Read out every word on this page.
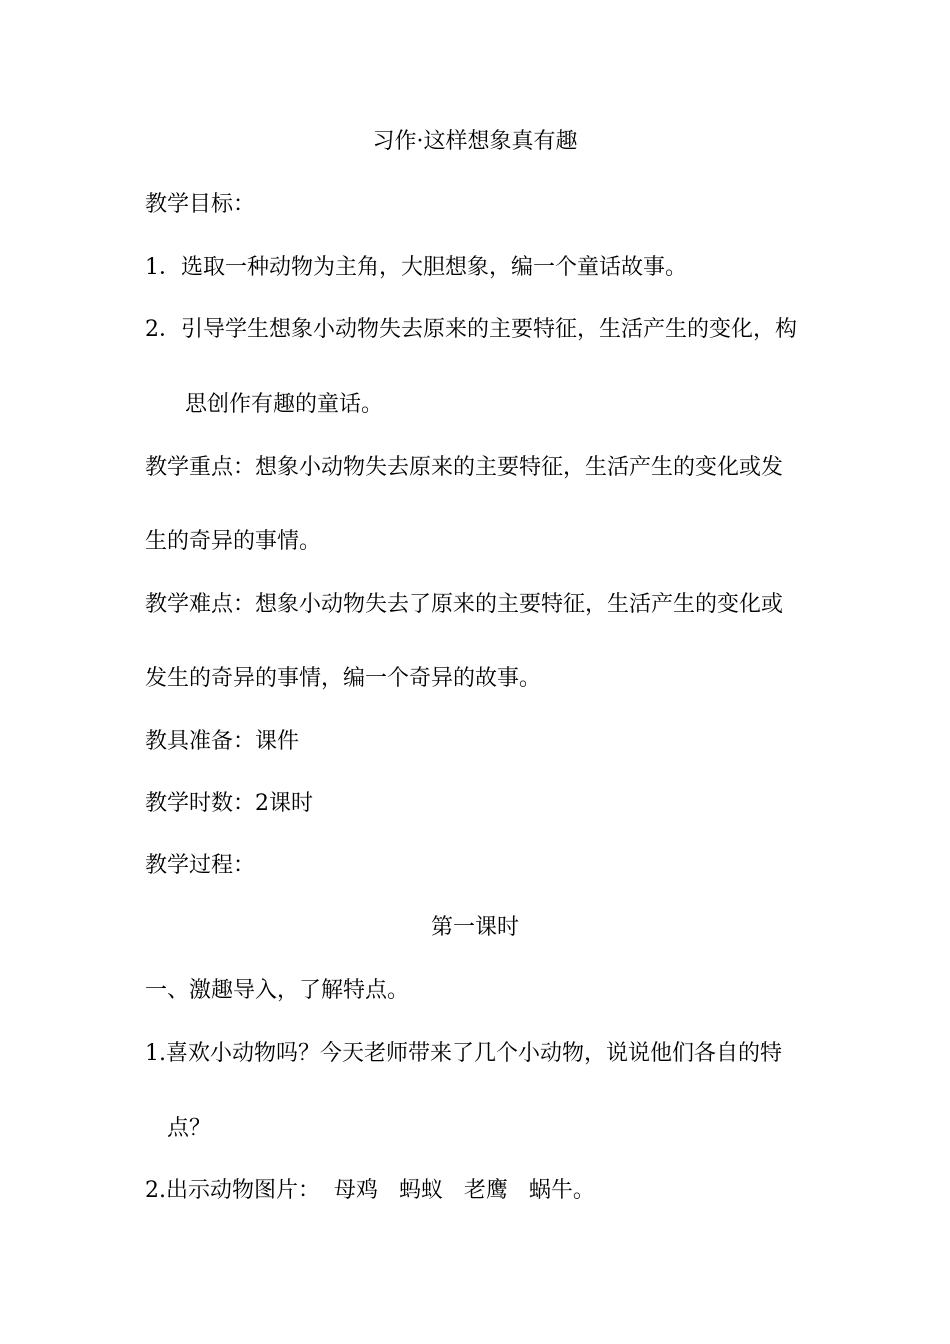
习作·这样想象真有趣
教学目标：
1．选取一种动物为主角，大胆想象，编一个童话故事。
2．引导学生想象小动物失去原来的主要特征，生活产生的变化，构
思创作有趣的童话。
教学重点：想象小动物失去原来的主要特征，生活产生的变化或发
生的奇异的事情。
教学难点：想象小动物失去了原来的主要特征，生活产生的变化或
发生的奇异的事情，编一个奇异的故事。
教具准备：课件
教学时数：2课时
教学过程：
第一课时
一、激趣导入，了解特点。
1.喜欢小动物吗？今天老师带来了几个小动物，说说他们各自的特
点？
2.出示动物图片：  母鸡   蚂蚁   老鹰   蜗牛。
